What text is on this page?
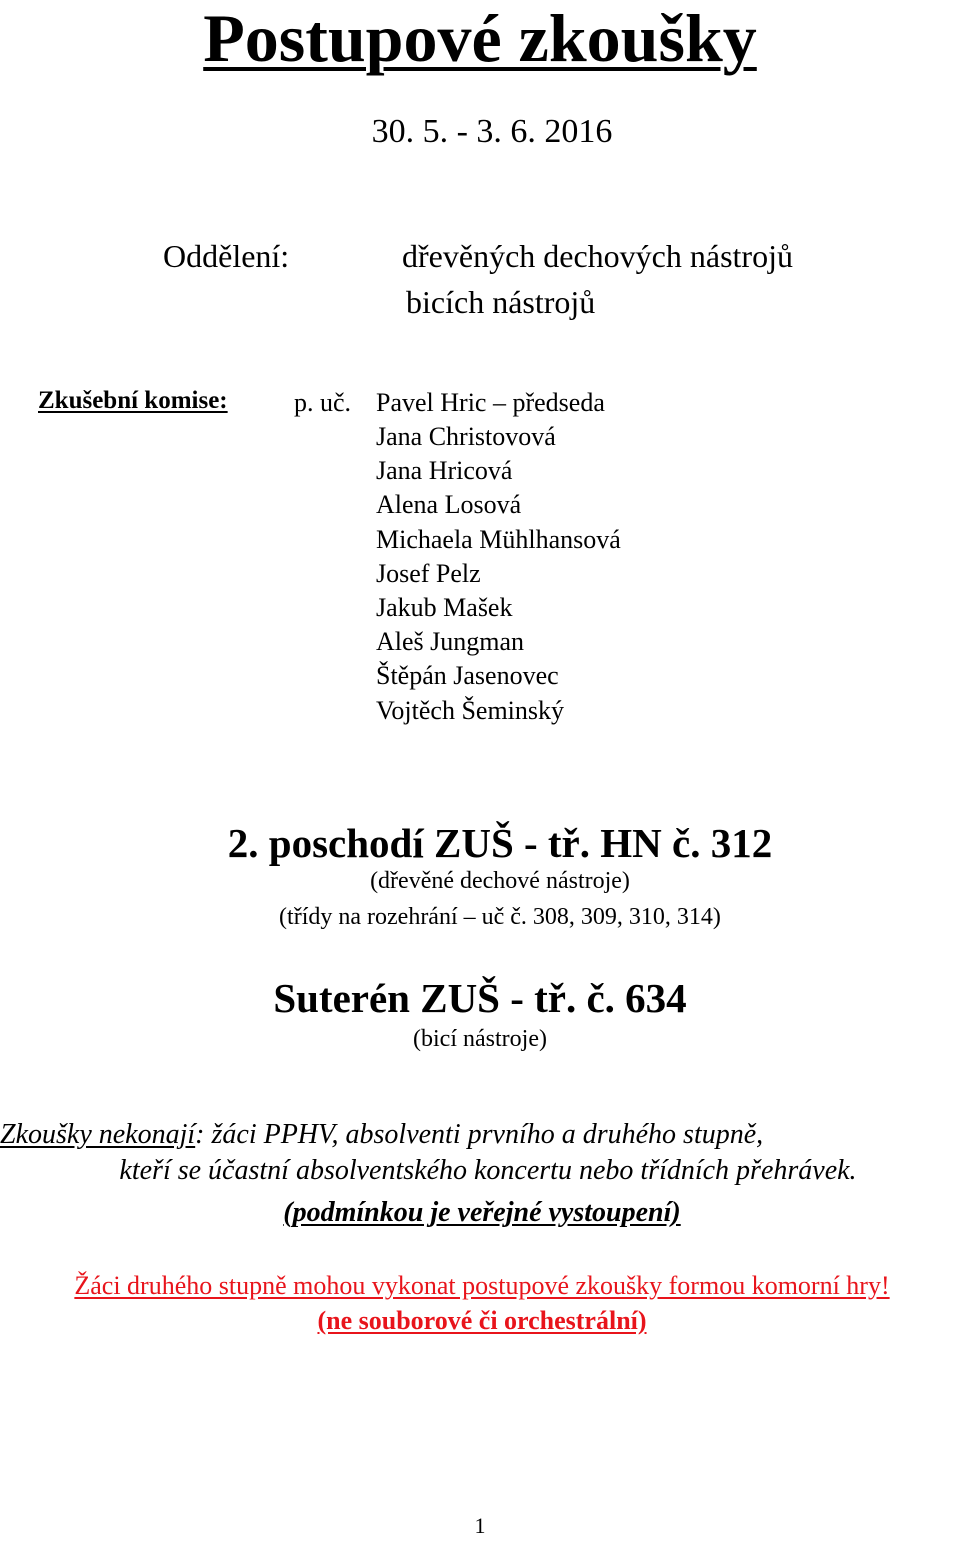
Postupové zkoušky
30. 5. - 3. 6. 2016
Oddělení:	dřevěných dechových nástrojů
bicích nástrojů
Zkušební komise:	p. uč. Pavel Hric – předseda
Jana Christovová
Jana Hricová
Alena Losová
Michaela Mühlhansová
Josef Pelz
Jakub Mašek
Aleš Jungman
Štěpán Jasenovec
Vojtěch Šeminský
2. poschodí ZUŠ - tř. HN č. 312
(dřevěné dechové nástroje)
(třídy na rozehrání – uč č. 308, 309, 310, 314)
Suterén ZUŠ - tř. č. 634
(bicí nástroje)
Zkoušky nekonají: žáci PPHV, absolventi prvního a druhého stupně,
kteří se účastní absolventského koncertu nebo třídních přehrávek.
(podmínkou je veřejné vystoupení)
Žáci druhého stupně mohou vykonat postupové zkoušky formou komorní hry!
(ne souborové či orchestrální)
1
